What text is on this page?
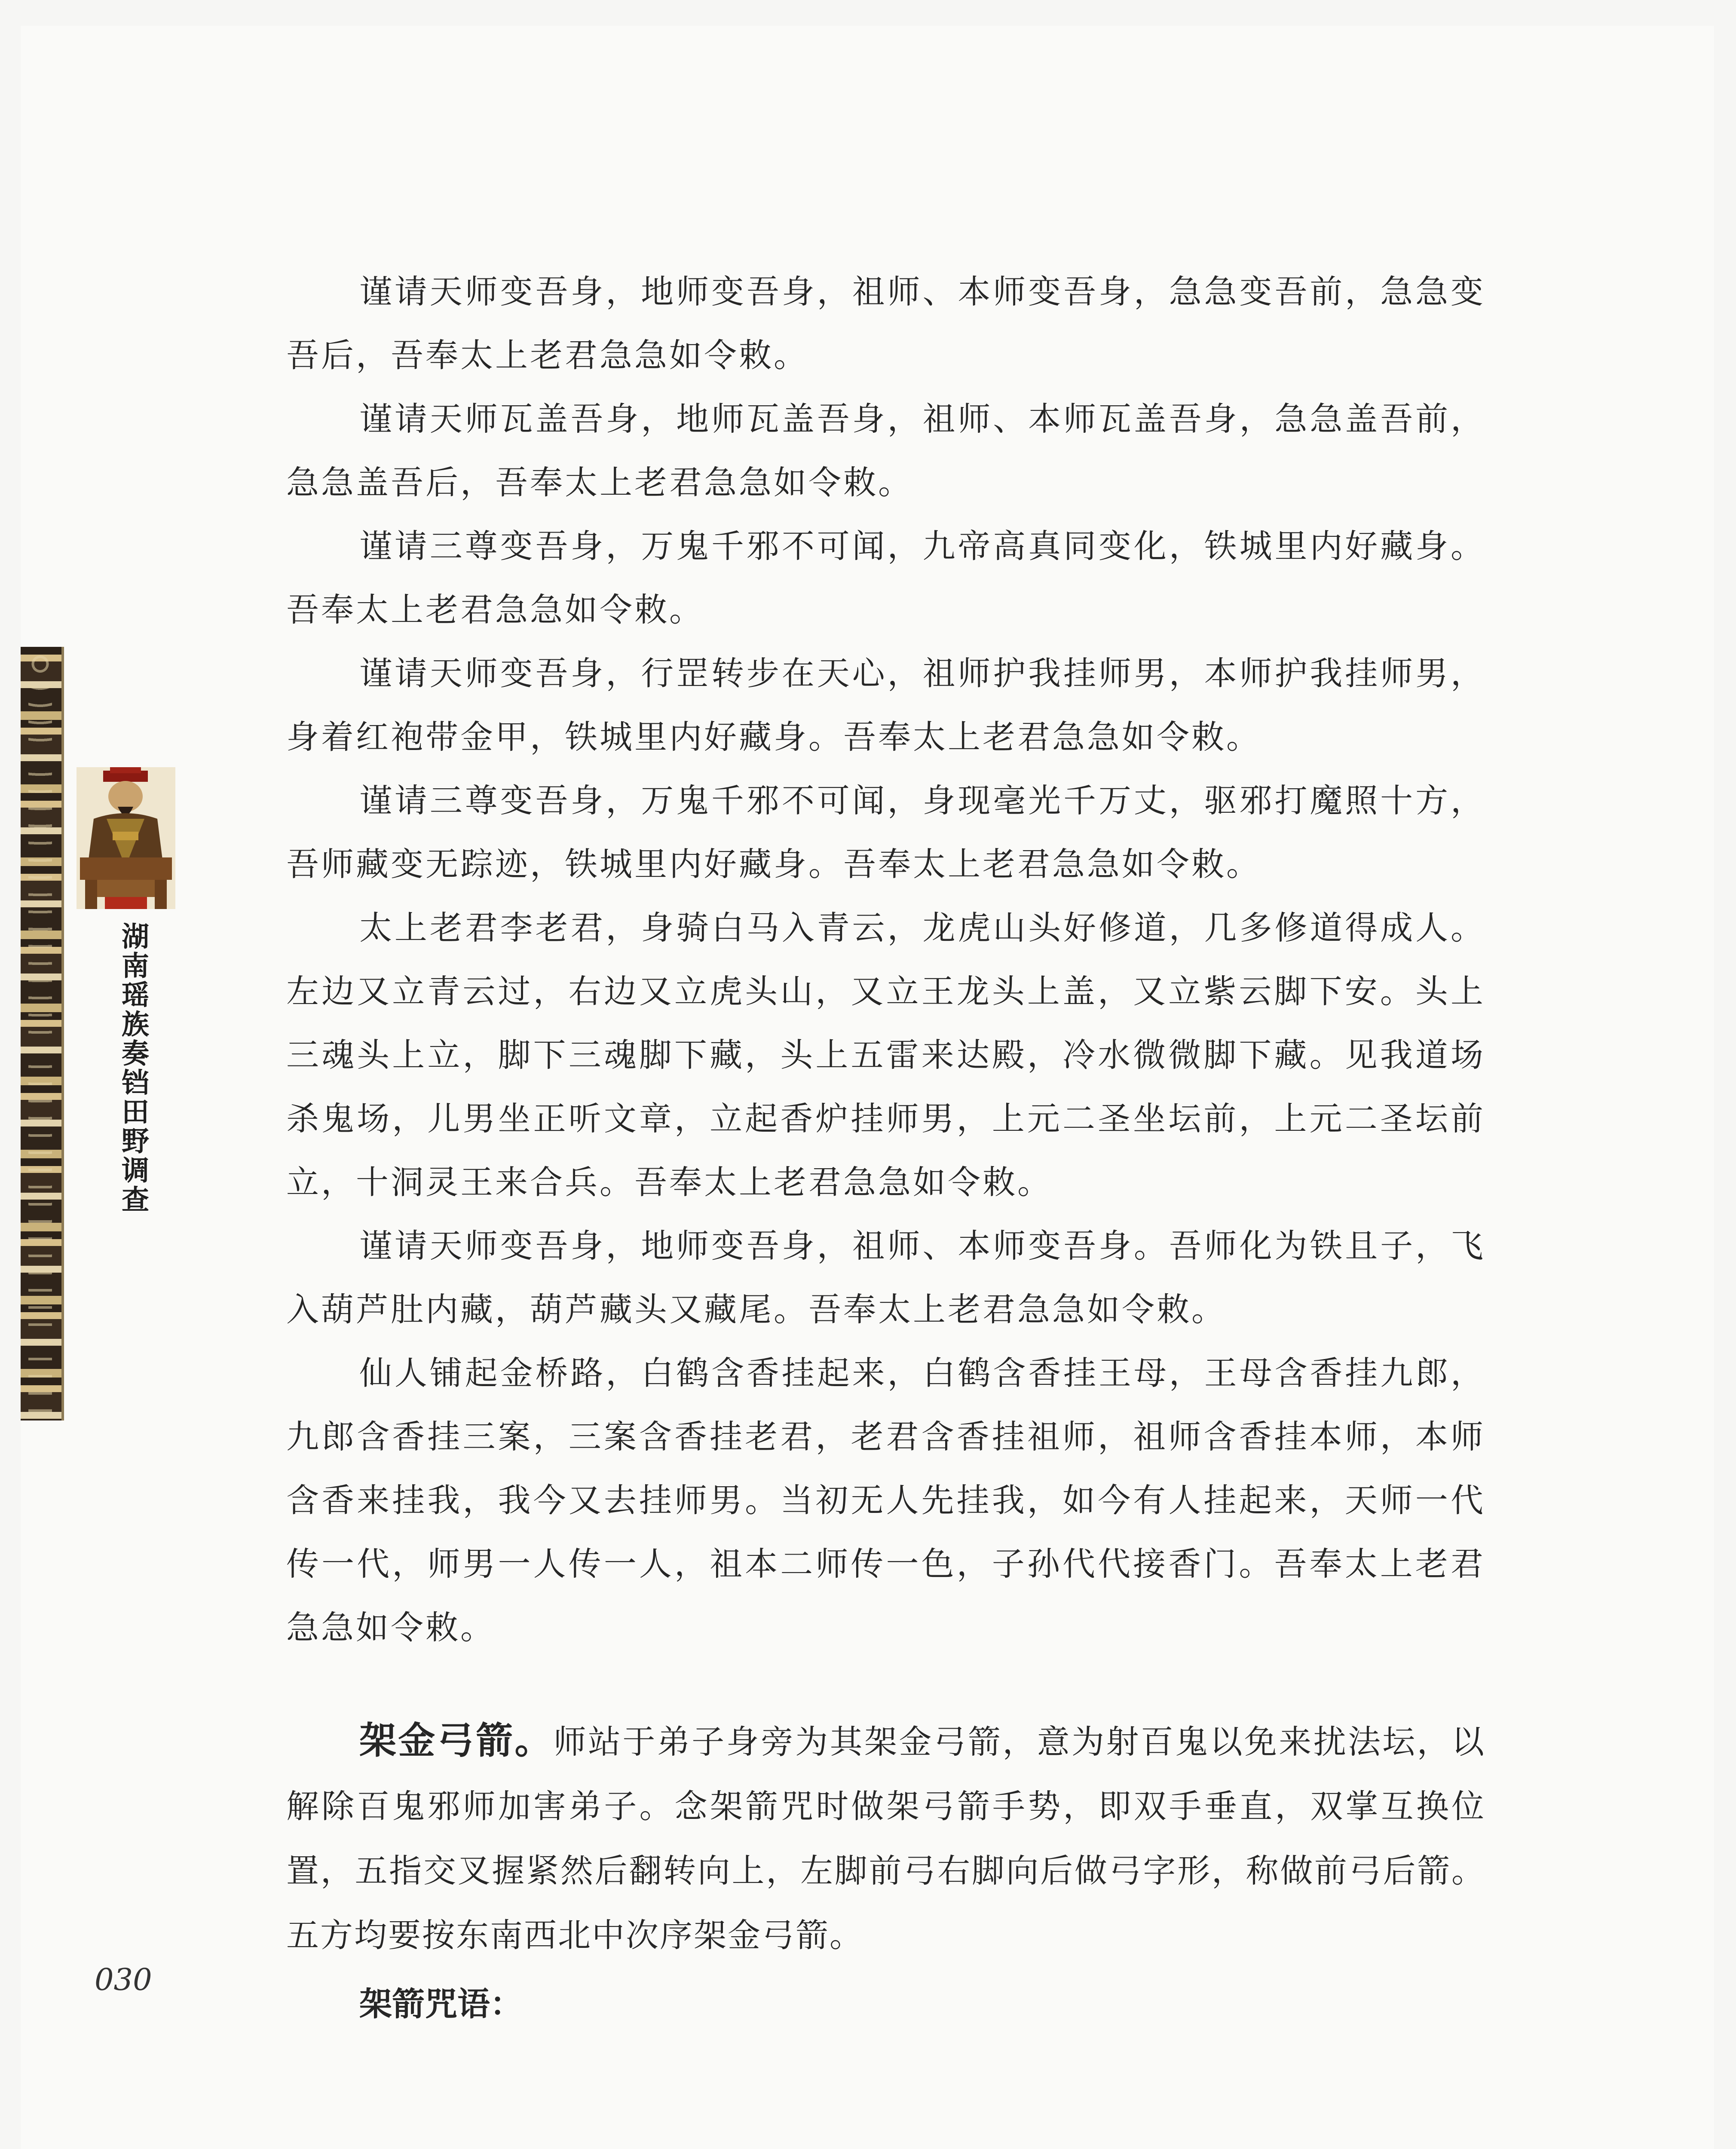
湖南瑶族奏铛田野调查
030

谨请天师变吾身，地师变吾身，祖师、本师变吾身，急急变吾前，急急变吾后，吾奉太上老君急急如令敕。

谨请天师瓦盖吾身，地师瓦盖吾身，祖师、本师瓦盖吾身，急急盖吾前，急急盖吾后，吾奉太上老君急急如令敕。

谨请三尊变吾身，万鬼千邪不可闻，九帝高真同变化，铁城里内好藏身。吾奉太上老君急急如令敕。

谨请天师变吾身，行罡转步在天心，祖师护我挂师男，本师护我挂师男，身着红袍带金甲，铁城里内好藏身。吾奉太上老君急急如令敕。

谨请三尊变吾身，万鬼千邪不可闻，身现毫光千万丈，驱邪打魔照十方，吾师藏变无踪迹，铁城里内好藏身。吾奉太上老君急急如令敕。

太上老君李老君，身骑白马入青云，龙虎山头好修道，几多修道得成人。左边又立青云过，右边又立虎头山，又立王龙头上盖，又立紫云脚下安。头上三魂头上立，脚下三魂脚下藏，头上五雷来达殿，冷水微微脚下藏。见我道场杀鬼场，儿男坐正听文章，立起香炉挂师男，上元二圣坐坛前，上元二圣坛前立，十洞灵王来合兵。吾奉太上老君急急如令敕。

谨请天师变吾身，地师变吾身，祖师、本师变吾身。吾师化为铁且子，飞入葫芦肚内藏，葫芦藏头又藏尾。吾奉太上老君急急如令敕。

仙人铺起金桥路，白鹤含香挂起来，白鹤含香挂王母，王母含香挂九郎，九郎含香挂三案，三案含香挂老君，老君含香挂祖师，祖师含香挂本师，本师含香来挂我，我今又去挂师男。当初无人先挂我，如今有人挂起来，天师一代传一代，师男一人传一人，祖本二师传一色，子孙代代接香门。吾奉太上老君急急如令敕。

架金弓箭。师站于弟子身旁为其架金弓箭，意为射百鬼以免来扰法坛，以解除百鬼邪师加害弟子。念架箭咒时做架弓箭手势，即双手垂直，双掌互换位置，五指交叉握紧然后翻转向上，左脚前弓右脚向后做弓字形，称做前弓后箭。五方均要按东南西北中次序架金弓箭。

架箭咒语：
